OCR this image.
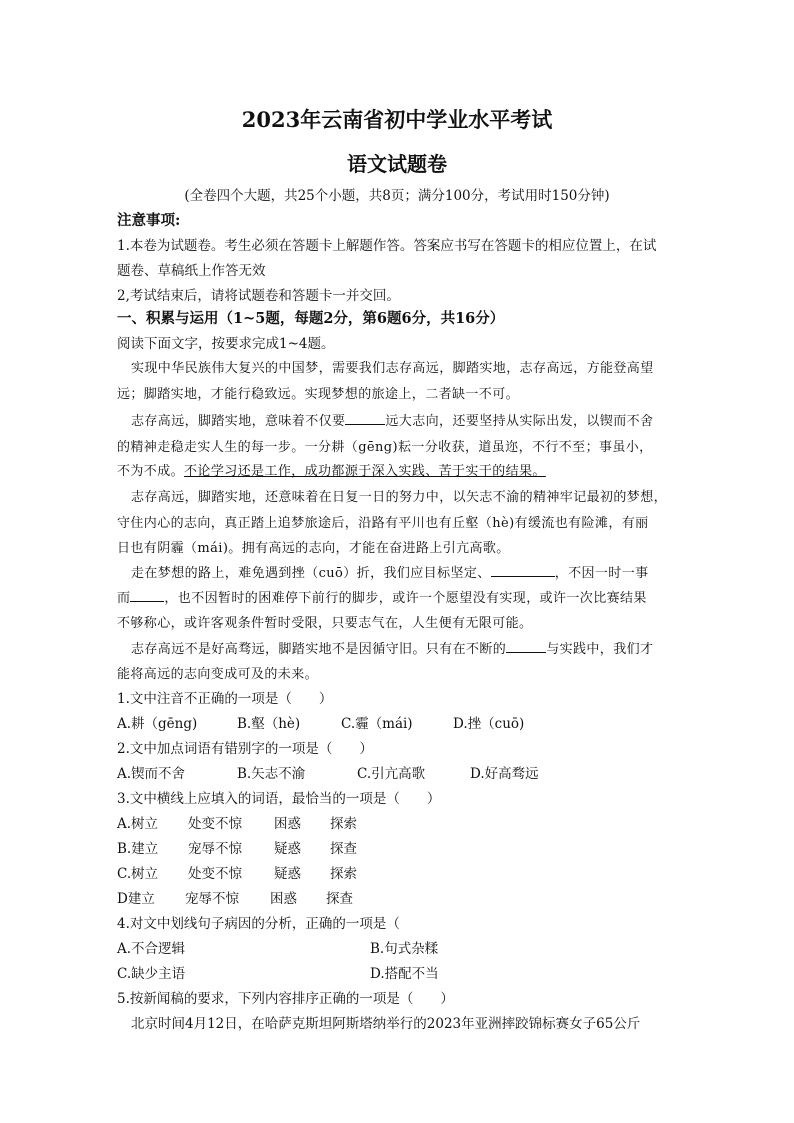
2023年云南省初中学业水平考试
语文试题卷
(全卷四个大题，共25个小题，共8页；满分100分，考试用时150分钟)
注意事项:
1.本卷为试题卷。考生必须在答题卡上解题作答。答案应书写在答题卡的相应位置上，在试
题卷、草稿纸上作答无效
2,考试结束后，请将试题卷和答题卡一并交回。
一、积累与运用（1~5题，每题2分，第6题6分，共16分）
阅读下面文字，按要求完成1~4题。
实现中华民族伟大复兴的中国梦，需要我们志存高远，脚踏实地，志存高远，方能登高望
远；脚踏实地，才能行稳致远。实现梦想的旅途上，二者缺一不可。
志存高远，脚踏实地，意味着不仅要	远大志向，还要坚持从实际出发，以锲而不舍
的精神走稳走实人生的每一步。一分耕（gēng)耘一分收获，道虽迩，不行不至；事虽小，
不为不成。不论学习还是工作，成功都源于深入实践、苦于实干的结果。
志存高远，脚踏实地，还意味着在日复一日的努力中，以矢志不渝的精神牢记最初的梦想，
守住内心的志向，真正踏上追梦旅途后，沿路有平川也有丘壑（hè)有缓流也有险滩，有丽
日也有阴霾（mái)。拥有高远的志向，才能在奋进路上引亢高歌。
走在梦想的路上，难免遇到挫（cuō）折，我们应目标坚定、	，不因一时一事
而	，也不因暂时的困难停下前行的脚步，或许一个愿望没有实现，或许一次比赛结果
不够称心，或许客观条件暂时受限，只要志气在，人生便有无限可能。
志存高远不是好高骛远，脚踏实地不是因循守旧。只有在不断的	与实践中，我们才
能将高远的志向变成可及的未来。
1.文中注音不正确的一项是（　　）
A.耕（gēng)	B.壑（hè)	C.霾（mái)	D.挫（cuō)
2.文中加点词语有错别字的一项是（　　）
A.锲而不舍	B.矢志不渝	C.引亢高歌	D.好高骛远
3.文中横线上应填入的词语，最恰当的一项是（　　）
A.树立 处变不惊 困惑 探索
B.建立 宠辱不惊 疑惑 探查
C.树立 处变不惊 疑惑 探索
D建立 宠辱不惊 困惑 探查
4.对文中划线句子病因的分析，正确的一项是（
A.不合逻辑	B.句式杂糅
C.缺少主语	D.搭配不当
5.按新闻稿的要求，下列内容排序正确的一项是（　　）
北京时间4月12日，在哈萨克斯坦阿斯塔纳举行的2023年亚洲摔跤锦标赛女子65公斤
